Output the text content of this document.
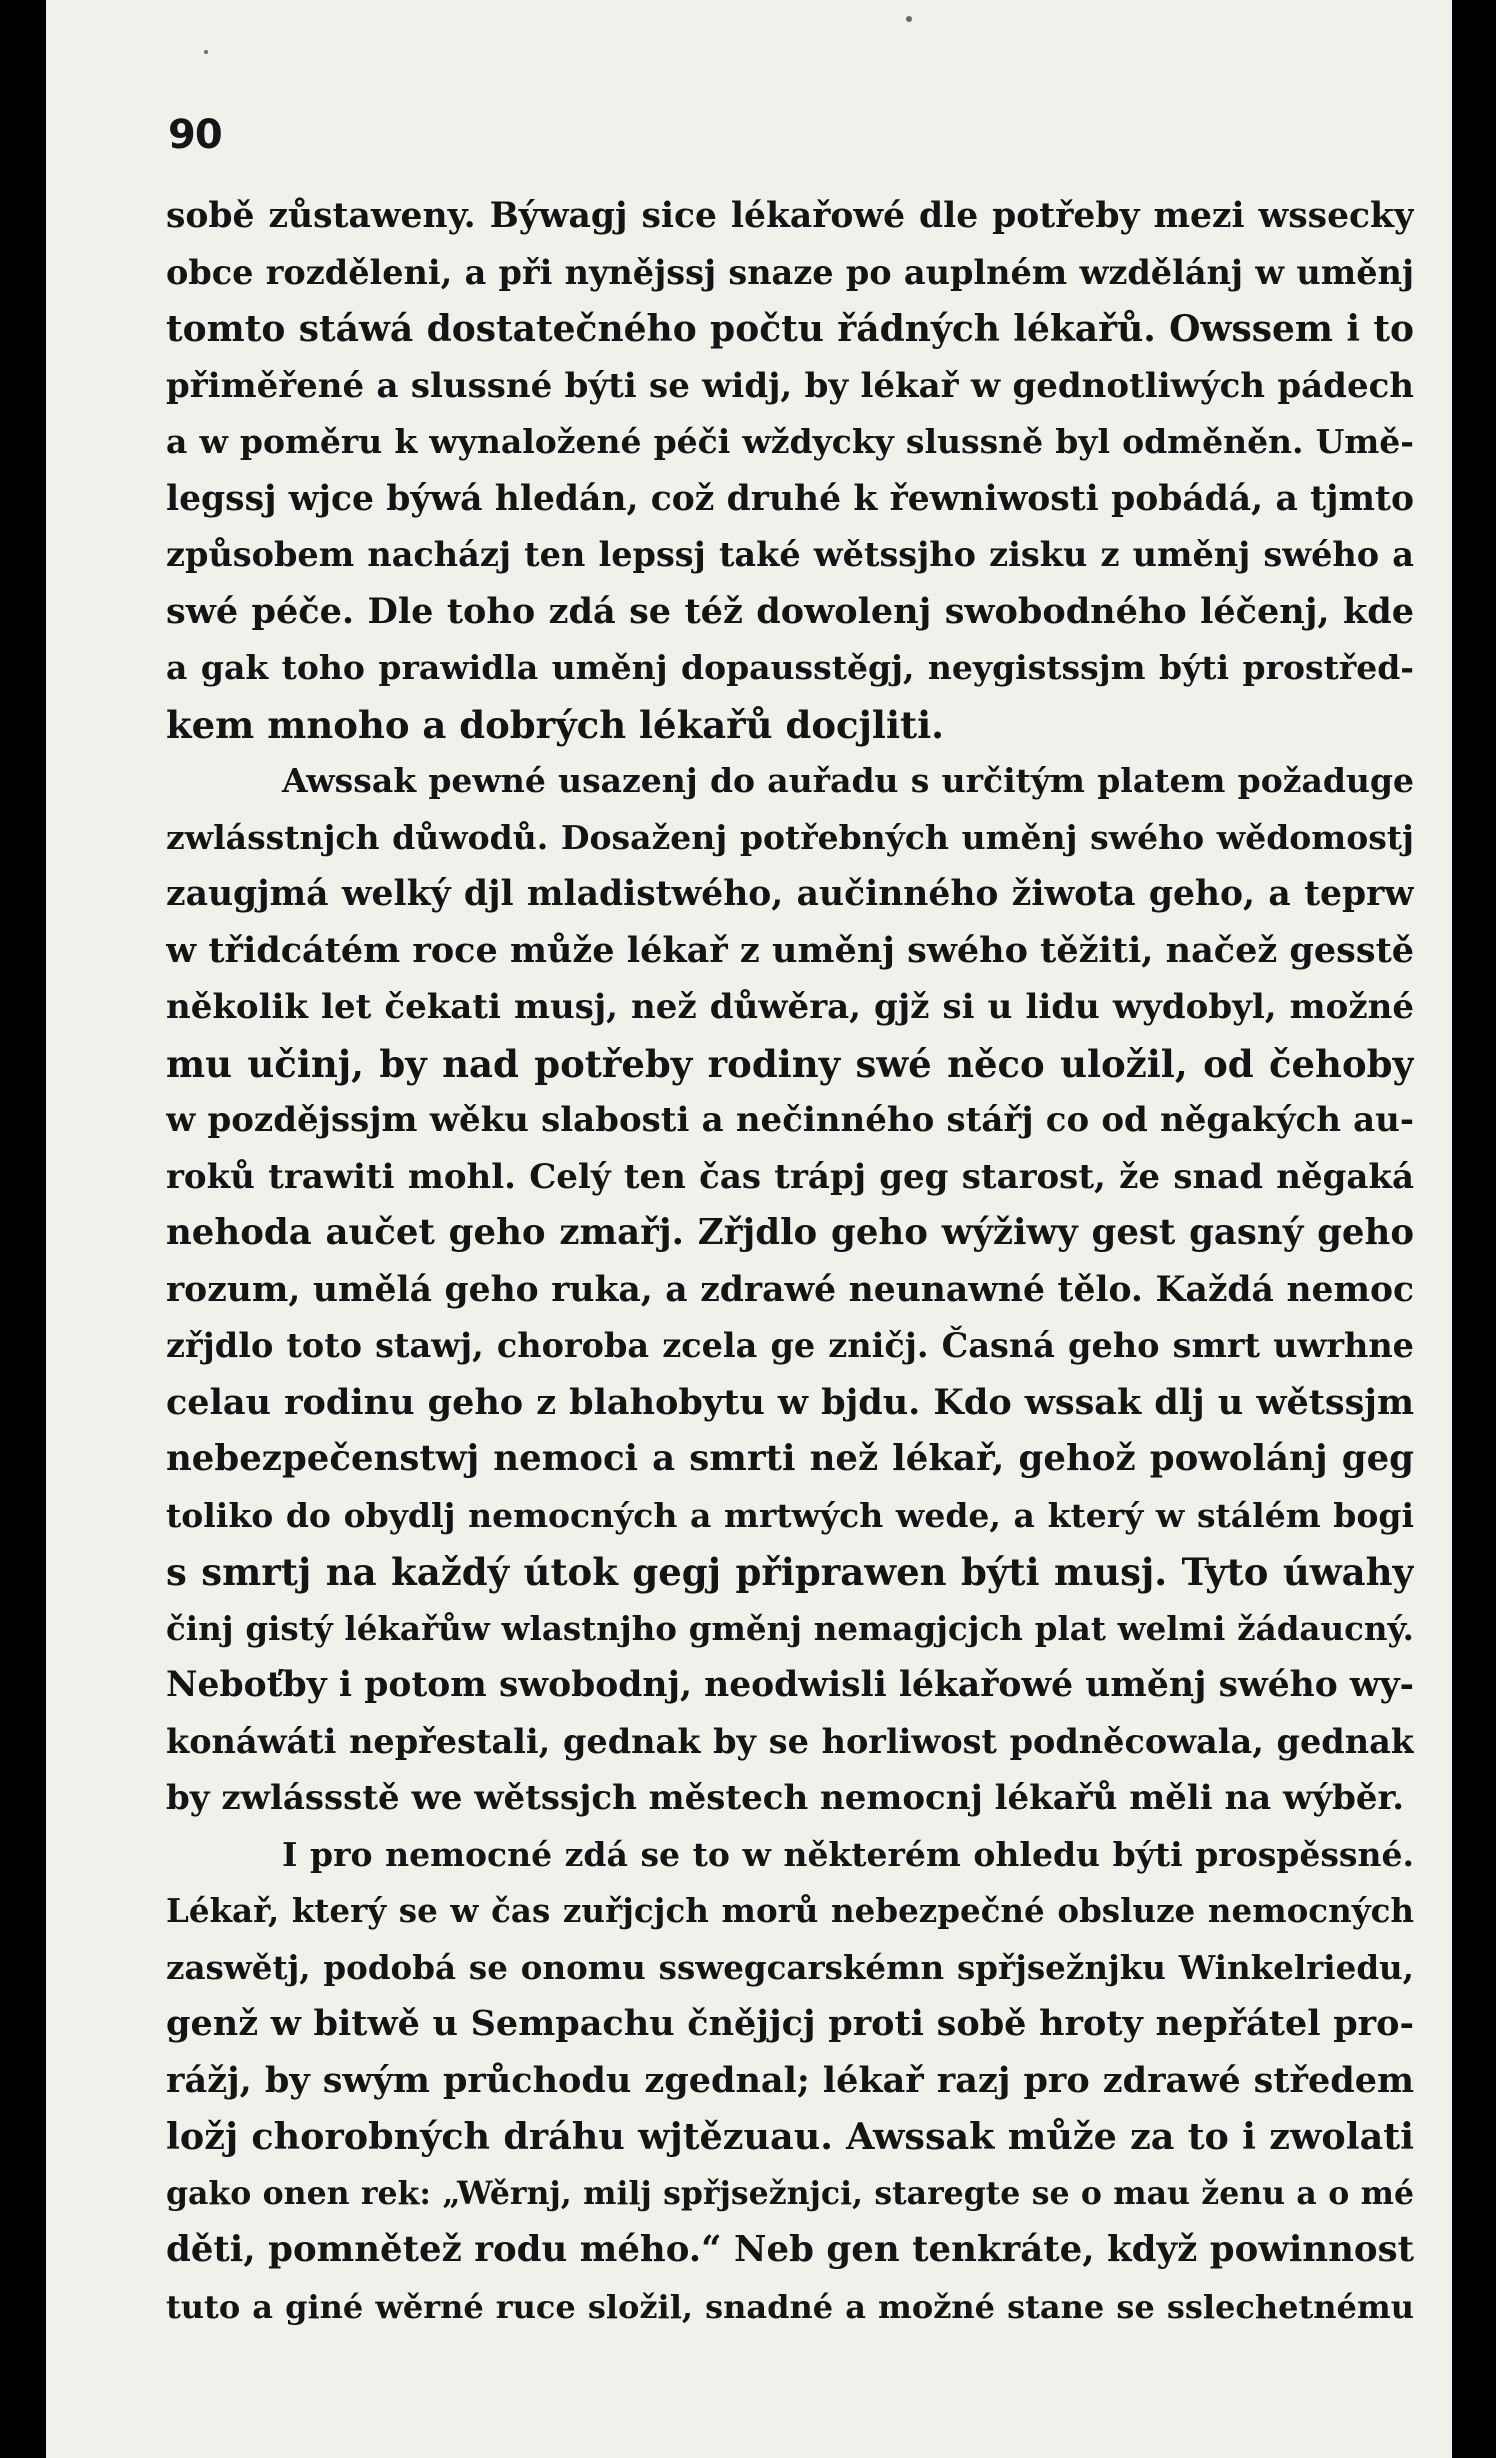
90
sobě zůstaweny. Býwagj sice lékařowé dle potřeby mezi wssecky
obce rozděleni, a při nynějssj snaze po auplném wzdělánj w uměnj
tomto stáwá dostatečného počtu řádných lékařů. Owssem i to
přiměřené a slussné býti se widj, by lékař w gednotliwých pádech
a w poměru k wynaložené péči wždycky slussně byl odměněn. Umě-
legssj wjce býwá hledán, což druhé k řewniwosti pobádá, a tjmto
způsobem nacházj ten lepssj také wětssjho zisku z uměnj swého a
swé péče. Dle toho zdá se též dowolenj swobodného léčenj, kde
a gak toho prawidla uměnj dopausstěgj, neygistssjm býti prostřed-
kem mnoho a dobrých lékařů docjliti.
Awssak pewné usazenj do auřadu s určitým platem požaduge
zwlásstnjch důwodů. Dosaženj potřebných uměnj swého wědomostj
zaugjmá welký djl mladistwého, aučinného žiwota geho, a teprw
w třidcátém roce může lékař z uměnj swého těžiti, načež gesstě
několik let čekati musj, než důwěra, gjž si u lidu wydobyl, možné
mu učinj, by nad potřeby rodiny swé něco uložil, od čehoby
w pozdějssjm wěku slabosti a nečinného stářj co od něgakých au-
roků trawiti mohl. Celý ten čas trápj geg starost, že snad něgaká
nehoda aučet geho zmařj. Zřjdlo geho wýžiwy gest gasný geho
rozum, umělá geho ruka, a zdrawé neunawné tělo. Každá nemoc
zřjdlo toto stawj, choroba zcela ge zničj. Časná geho smrt uwrhne
celau rodinu geho z blahobytu w bjdu. Kdo wssak dlj u wětssjm
nebezpečenstwj nemoci a smrti než lékař, gehož powolánj geg
toliko do obydlj nemocných a mrtwých wede, a který w stálém bogi
s smrtj na každý útok gegj připrawen býti musj. Tyto úwahy
činj gistý lékařůw wlastnjho gměnj nemagjcjch plat welmi žádaucný.
Neboťby i potom swobodnj, neodwisli lékařowé uměnj swého wy-
konáwáti nepřestali, gednak by se horliwost podněcowala, gednak
by zwlássstě we wětssjch městech nemocnj lékařů měli na wýběr.
I pro nemocné zdá se to w některém ohledu býti prospěssné.
Lékař, který se w čas zuřjcjch morů nebezpečné obsluze nemocných
zaswětj, podobá se onomu sswegcarskémn spřjsežnjku Winkelriedu,
genž w bitwě u Sempachu čnějjcj proti sobě hroty nepřátel pro-
rážj, by swým průchodu zgednal; lékař razj pro zdrawé středem
ložj chorobných dráhu wjtězuau. Awssak může za to i zwolati
gako onen rek: „Wěrnj, milj spřjsežnjci, staregte se o mau ženu a o mé
děti, pomnětež rodu mého.“ Neb gen tenkráte, když powinnost
tuto a giné wěrné ruce složil, snadné a možné stane se sslechetnému
